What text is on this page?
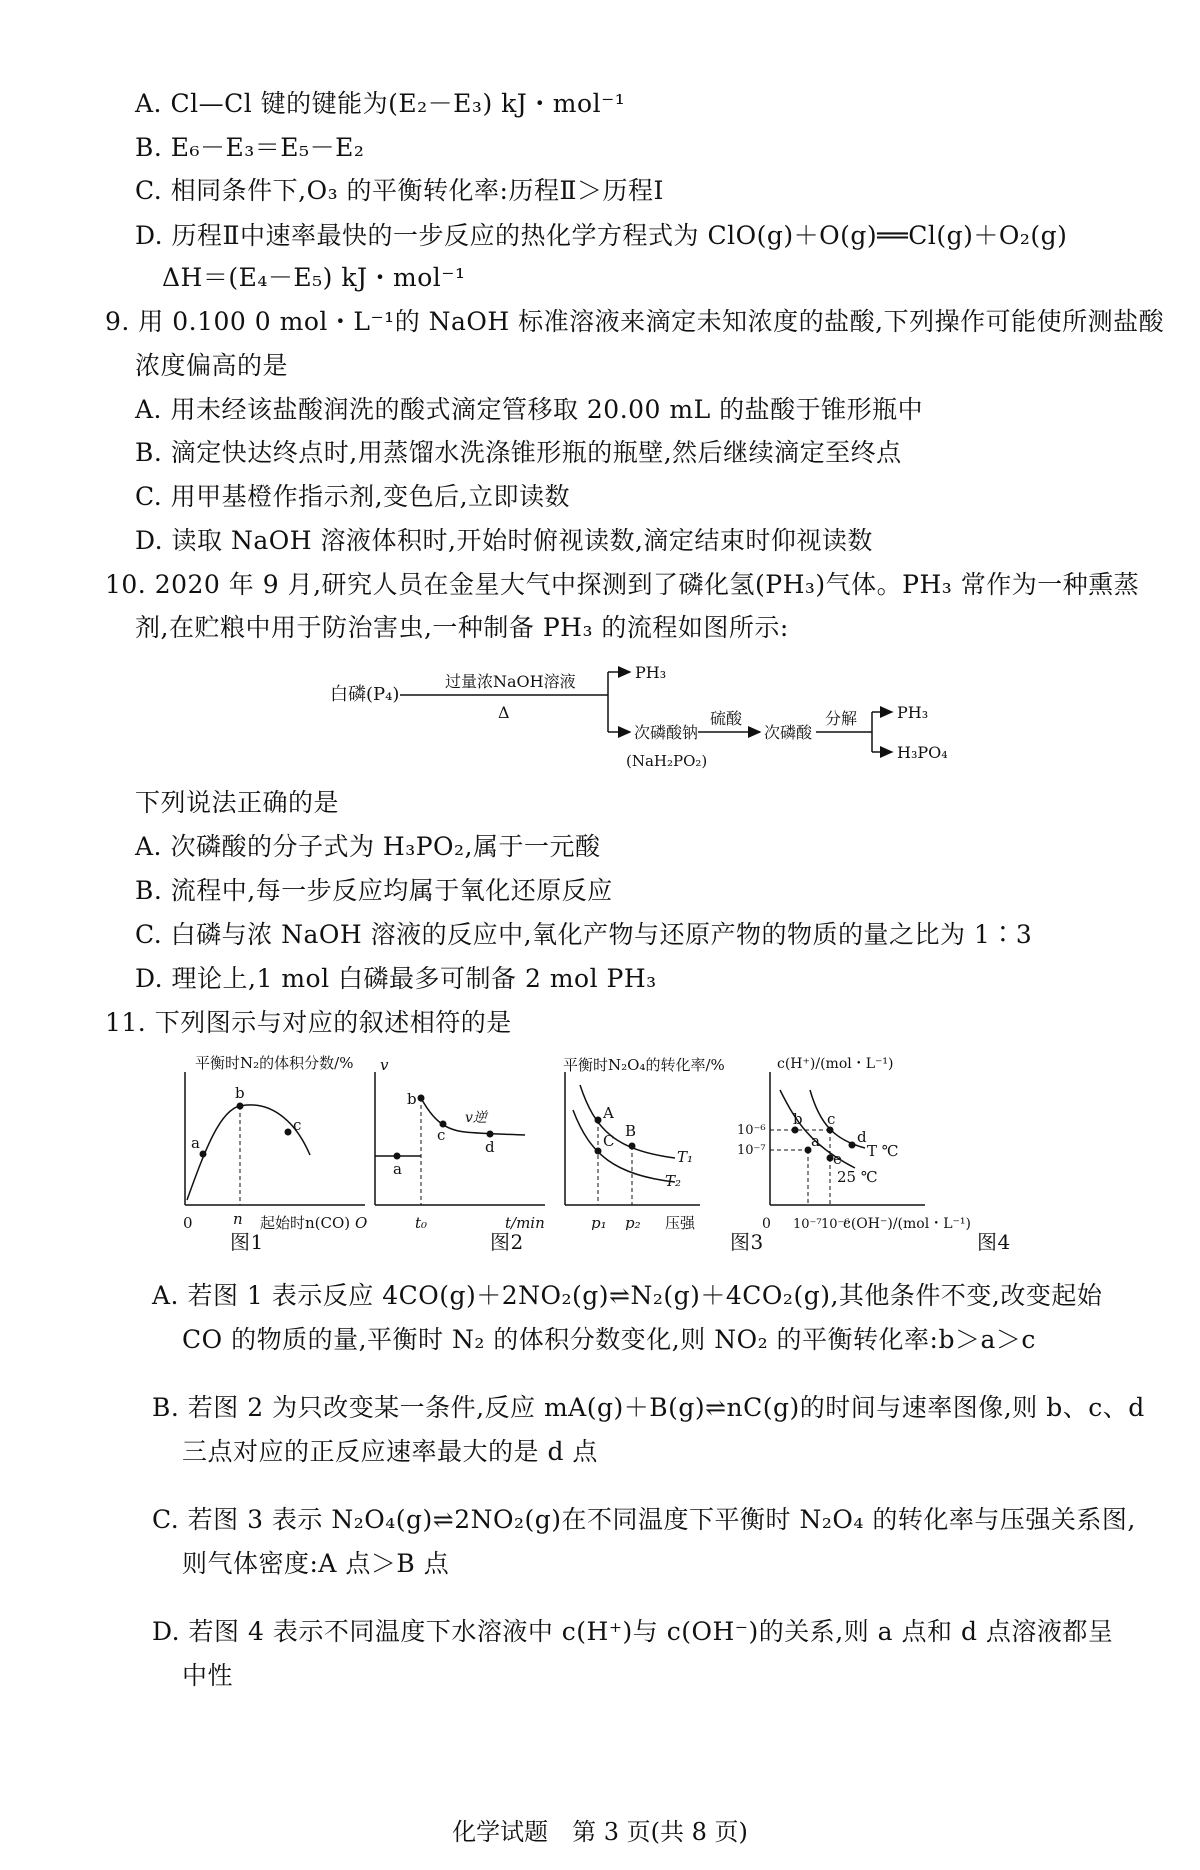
A. Cl—Cl 键的键能为(E₂－E₃) kJ・mol⁻¹
B. E₆－E₃＝E₅－E₂
C. 相同条件下,O₃ 的平衡转化率:历程Ⅱ＞历程Ⅰ
D. 历程Ⅱ中速率最快的一步反应的热化学方程式为 ClO(g)＋O(g)══Cl(g)＋O₂(g)
ΔH＝(E₄－E₅) kJ・mol⁻¹
9. 用 0.100 0 mol・L⁻¹的 NaOH 标准溶液来滴定未知浓度的盐酸,下列操作可能使所测盐酸
浓度偏高的是
A. 用未经该盐酸润洗的酸式滴定管移取 20.00 mL 的盐酸于锥形瓶中
B. 滴定快达终点时,用蒸馏水洗涤锥形瓶的瓶壁,然后继续滴定至终点
C. 用甲基橙作指示剂,变色后,立即读数
D. 读取 NaOH 溶液体积时,开始时俯视读数,滴定结束时仰视读数
10. 2020 年 9 月,研究人员在金星大气中探测到了磷化氢(PH₃)气体。PH₃ 常作为一种熏蒸
剂,在贮粮中用于防治害虫,一种制备 PH₃ 的流程如图所示:
白磷(P₄)
过量浓NaOH溶液
Δ
PH₃
次磷酸钠
(NaH₂PO₂)
硫酸
次磷酸
分解 PH₃
H₃PO₄
下列说法正确的是
A. 次磷酸的分子式为 H₃PO₂,属于一元酸
B. 流程中,每一步反应均属于氧化还原反应
C. 白磷与浓 NaOH 溶液的反应中,氧化产物与还原产物的物质的量之比为 1∶3
D. 理论上,1 mol 白磷最多可制备 2 mol PH₃
11. 下列图示与对应的叙述相符的是
平衡时N₂的体积分数/%
起始时n(CO)
0	n
a
b
c
v
t/min
O	t₀
a
b
c
d
v逆
平衡时N₂O₄的转化率/%
压强
p₁ p₂
A
B
C
T₁
T₂
c(H⁺)/(mol・L⁻¹)
c(OH⁻)/(mol・L⁻¹)
0 10⁻⁷ 10⁻⁶
10⁻⁶
10⁻⁷
a
b c
d
e T ℃
25 ℃
图1	图2	图3	图4
A. 若图 1 表示反应 4CO(g)＋2NO₂(g)⇌N₂(g)＋4CO₂(g),其他条件不变,改变起始
CO 的物质的量,平衡时 N₂ 的体积分数变化,则 NO₂ 的平衡转化率:b＞a＞c
B. 若图 2 为只改变某一条件,反应 mA(g)＋B(g)⇌nC(g)的时间与速率图像,则 b、c、d
三点对应的正反应速率最大的是 d 点
C. 若图 3 表示 N₂O₄(g)⇌2NO₂(g)在不同温度下平衡时 N₂O₄ 的转化率与压强关系图,
则气体密度:A 点＞B 点
D. 若图 4 表示不同温度下水溶液中 c(H⁺)与 c(OH⁻)的关系,则 a 点和 d 点溶液都呈
中性
化学试题　第 3 页(共 8 页)
